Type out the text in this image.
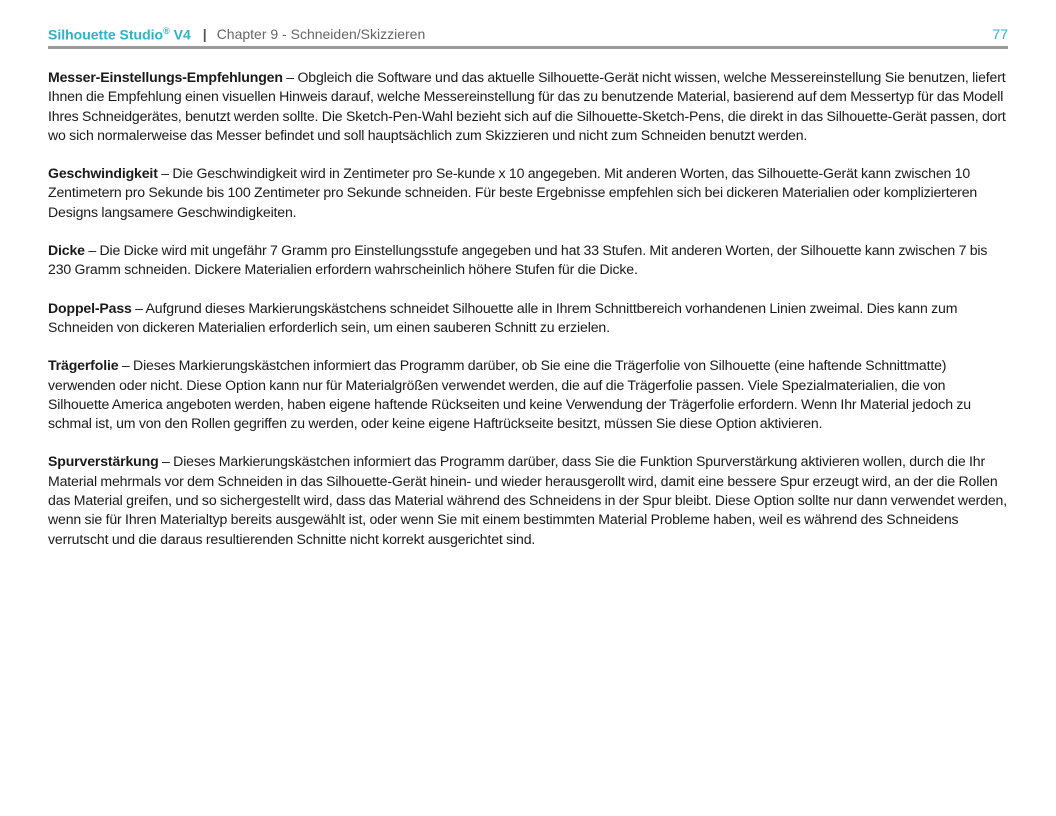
Silhouette Studio® V4 | Chapter 9 - Schneiden/Skizzieren	77

Messer-Einstellungs-Empfehlungen – Obgleich die Software und das aktuelle Silhouette-Gerät nicht wissen, welche Messereinstellung Sie benutzen, liefert Ihnen die Empfehlung einen visuellen Hinweis darauf, welche Messereinstellung für das zu benutzende Material, basierend auf dem Messertyp für das Modell Ihres Schneidgerätes, benutzt werden sollte. Die Sketch-Pen-Wahl bezieht sich auf die Silhouette-Sketch-Pens, die direkt in das Silhouette-Gerät passen, dort wo sich normalerweise das Messer befindet und soll hauptsächlich zum Skizzieren und nicht zum Schneiden benutzt werden.

Geschwindigkeit – Die Geschwindigkeit wird in Zentimeter pro Se-kunde x 10 angegeben. Mit anderen Worten, das Silhouette-Gerät kann zwischen 10 Zentimetern pro Sekunde bis 100 Zentimeter pro Sekunde schneiden. Für beste Ergebnisse empfehlen sich bei dickeren Materialien oder komplizierteren Designs langsamere Geschwindigkeiten.

Dicke – Die Dicke wird mit ungefähr 7 Gramm pro Einstellungsstufe angegeben und hat 33 Stufen. Mit anderen Worten, der Silhouette kann zwischen 7 bis 230 Gramm schneiden. Dickere Materialien erfordern wahrscheinlich höhere Stufen für die Dicke.

Doppel-Pass – Aufgrund dieses Markierungskästchens schneidet Silhouette alle in Ihrem Schnittbereich vorhandenen Linien zweimal. Dies kann zum Schneiden von dickeren Materialien erforderlich sein, um einen sauberen Schnitt zu erzielen.

Trägerfolie – Dieses Markierungskästchen informiert das Programm darüber, ob Sie eine die Trägerfolie von Silhouette (eine haftende Schnittmatte) verwenden oder nicht. Diese Option kann nur für Materialgrößen verwendet werden, die auf die Trägerfolie passen. Viele Spezialmaterialien, die von Silhouette America angeboten werden, haben eigene haftende Rückseiten und keine Verwendung der Trägerfolie erfordern. Wenn Ihr Material jedoch zu schmal ist, um von den Rollen gegriffen zu werden, oder keine eigene Haftrückseite besitzt, müssen Sie diese Option aktivieren.

Spurverstärkung – Dieses Markierungskästchen informiert das Programm darüber, dass Sie die Funktion Spurverstärkung aktivieren wollen, durch die Ihr Material mehrmals vor dem Schneiden in das Silhouette-Gerät hinein- und wieder herausgerollt wird, damit eine bessere Spur erzeugt wird, an der die Rollen das Material greifen, und so sichergestellt wird, dass das Material während des Schneidens in der Spur bleibt. Diese Option sollte nur dann verwendet werden, wenn sie für Ihren Materialtyp bereits ausgewählt ist, oder wenn Sie mit einem bestimmten Material Probleme haben, weil es während des Schneidens verrutscht und die daraus resultierenden Schnitte nicht korrekt ausgerichtet sind.
